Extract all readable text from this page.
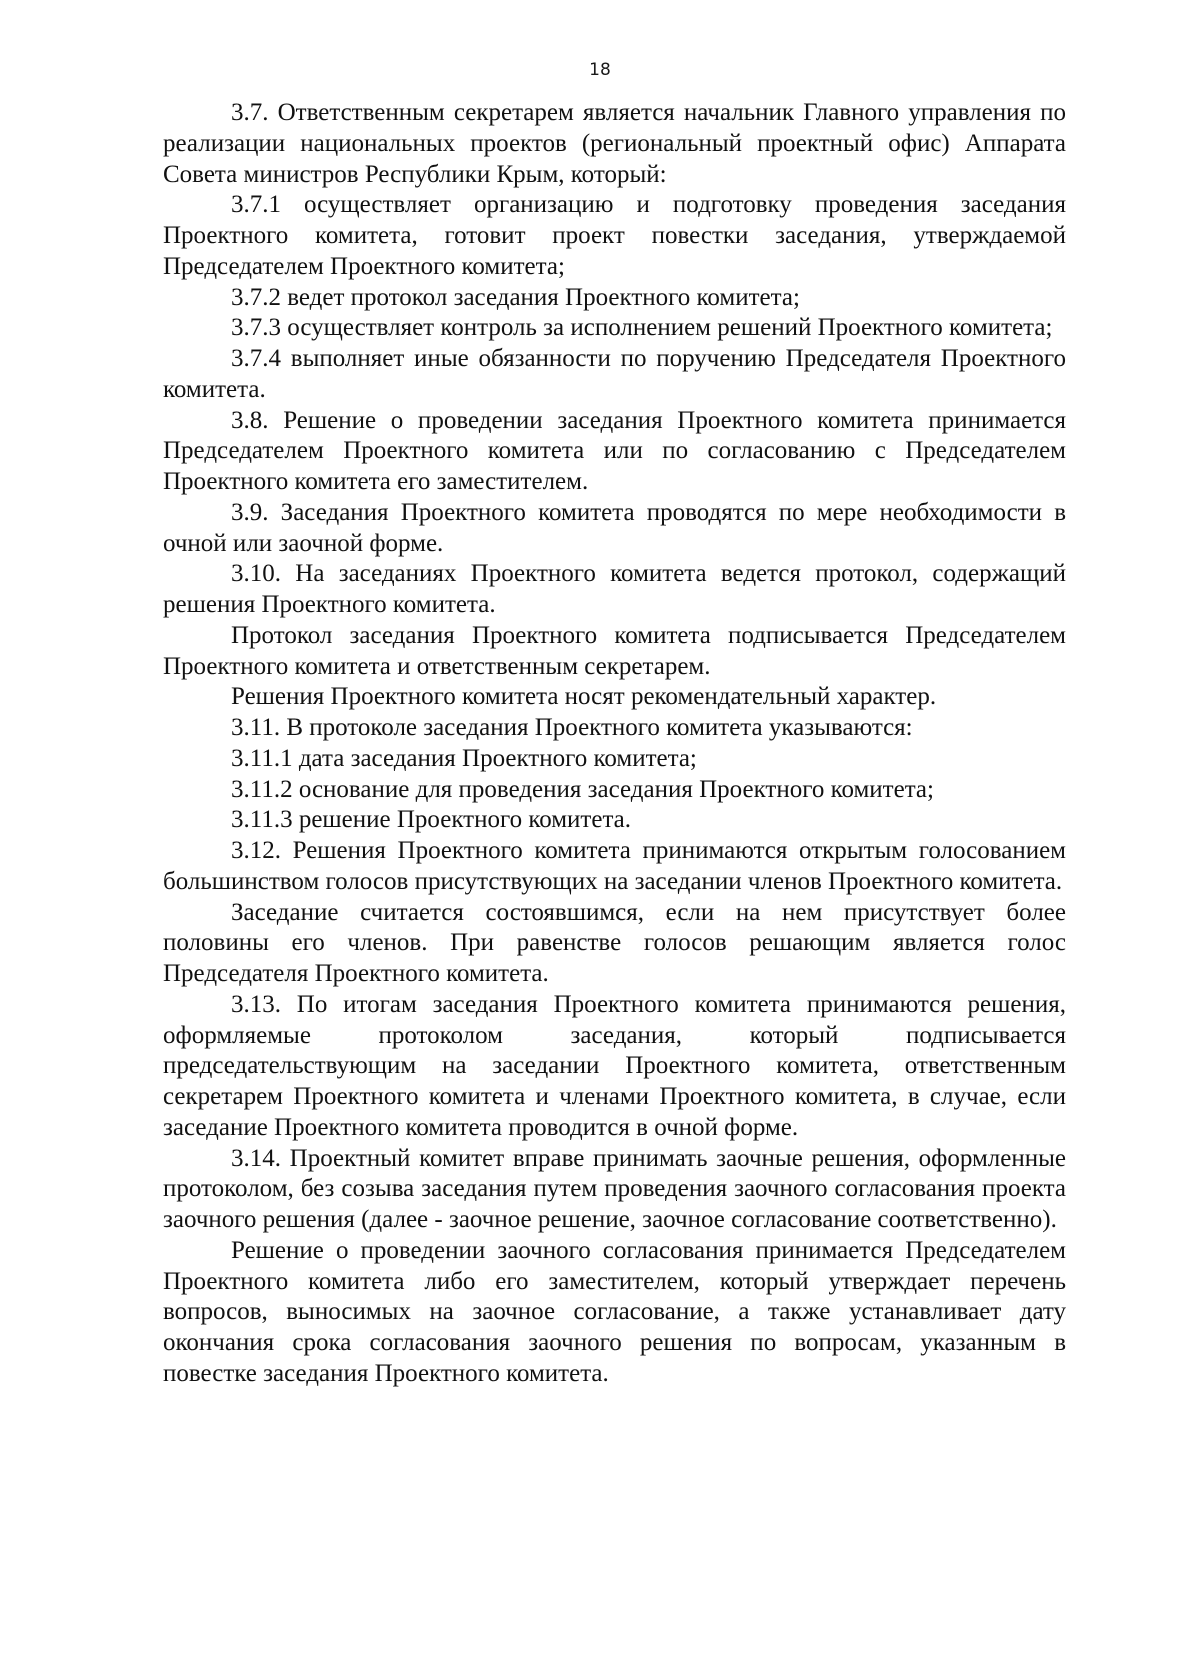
18

3.7. Ответственным секретарем является начальник Главного управления по реализации национальных проектов (региональный проектный офис) Аппарата Совета министров Республики Крым, который:

3.7.1 осуществляет организацию и подготовку проведения заседания Проектного комитета, готовит проект повестки заседания, утверждаемой Председателем Проектного комитета;

3.7.2 ведет протокол заседания Проектного комитета;

3.7.3 осуществляет контроль за исполнением решений Проектного комитета;

3.7.4 выполняет иные обязанности по поручению Председателя Проектного комитета.

3.8. Решение о проведении заседания Проектного комитета принимается Председателем Проектного комитета или по согласованию с Председателем Проектного комитета его заместителем.

3.9. Заседания Проектного комитета проводятся по мере необходимости в очной или заочной форме.

3.10. На заседаниях Проектного комитета ведется протокол, содержащий решения Проектного комитета.

Протокол заседания Проектного комитета подписывается Председателем Проектного комитета и ответственным секретарем.

Решения Проектного комитета носят рекомендательный характер.

3.11. В протоколе заседания Проектного комитета указываются:

3.11.1 дата заседания Проектного комитета;

3.11.2 основание для проведения заседания Проектного комитета;

3.11.3 решение Проектного комитета.

3.12. Решения Проектного комитета принимаются открытым голосованием большинством голосов присутствующих на заседании членов Проектного комитета.

Заседание считается состоявшимся, если на нем присутствует более половины его членов. При равенстве голосов решающим является голос Председателя Проектного комитета.

3.13. По итогам заседания Проектного комитета принимаются решения, оформляемые протоколом заседания, который подписывается председательствующим на заседании Проектного комитета, ответственным секретарем Проектного комитета и членами Проектного комитета, в случае, если заседание Проектного комитета проводится в очной форме.

3.14. Проектный комитет вправе принимать заочные решения, оформленные протоколом, без созыва заседания путем проведения заочного согласования проекта заочного решения (далее - заочное решение, заочное согласование соответственно).

Решение о проведении заочного согласования принимается Председателем Проектного комитета либо его заместителем, который утверждает перечень вопросов, выносимых на заочное согласование, а также устанавливает дату окончания срока согласования заочного решения по вопросам, указанным в повестке заседания Проектного комитета.
